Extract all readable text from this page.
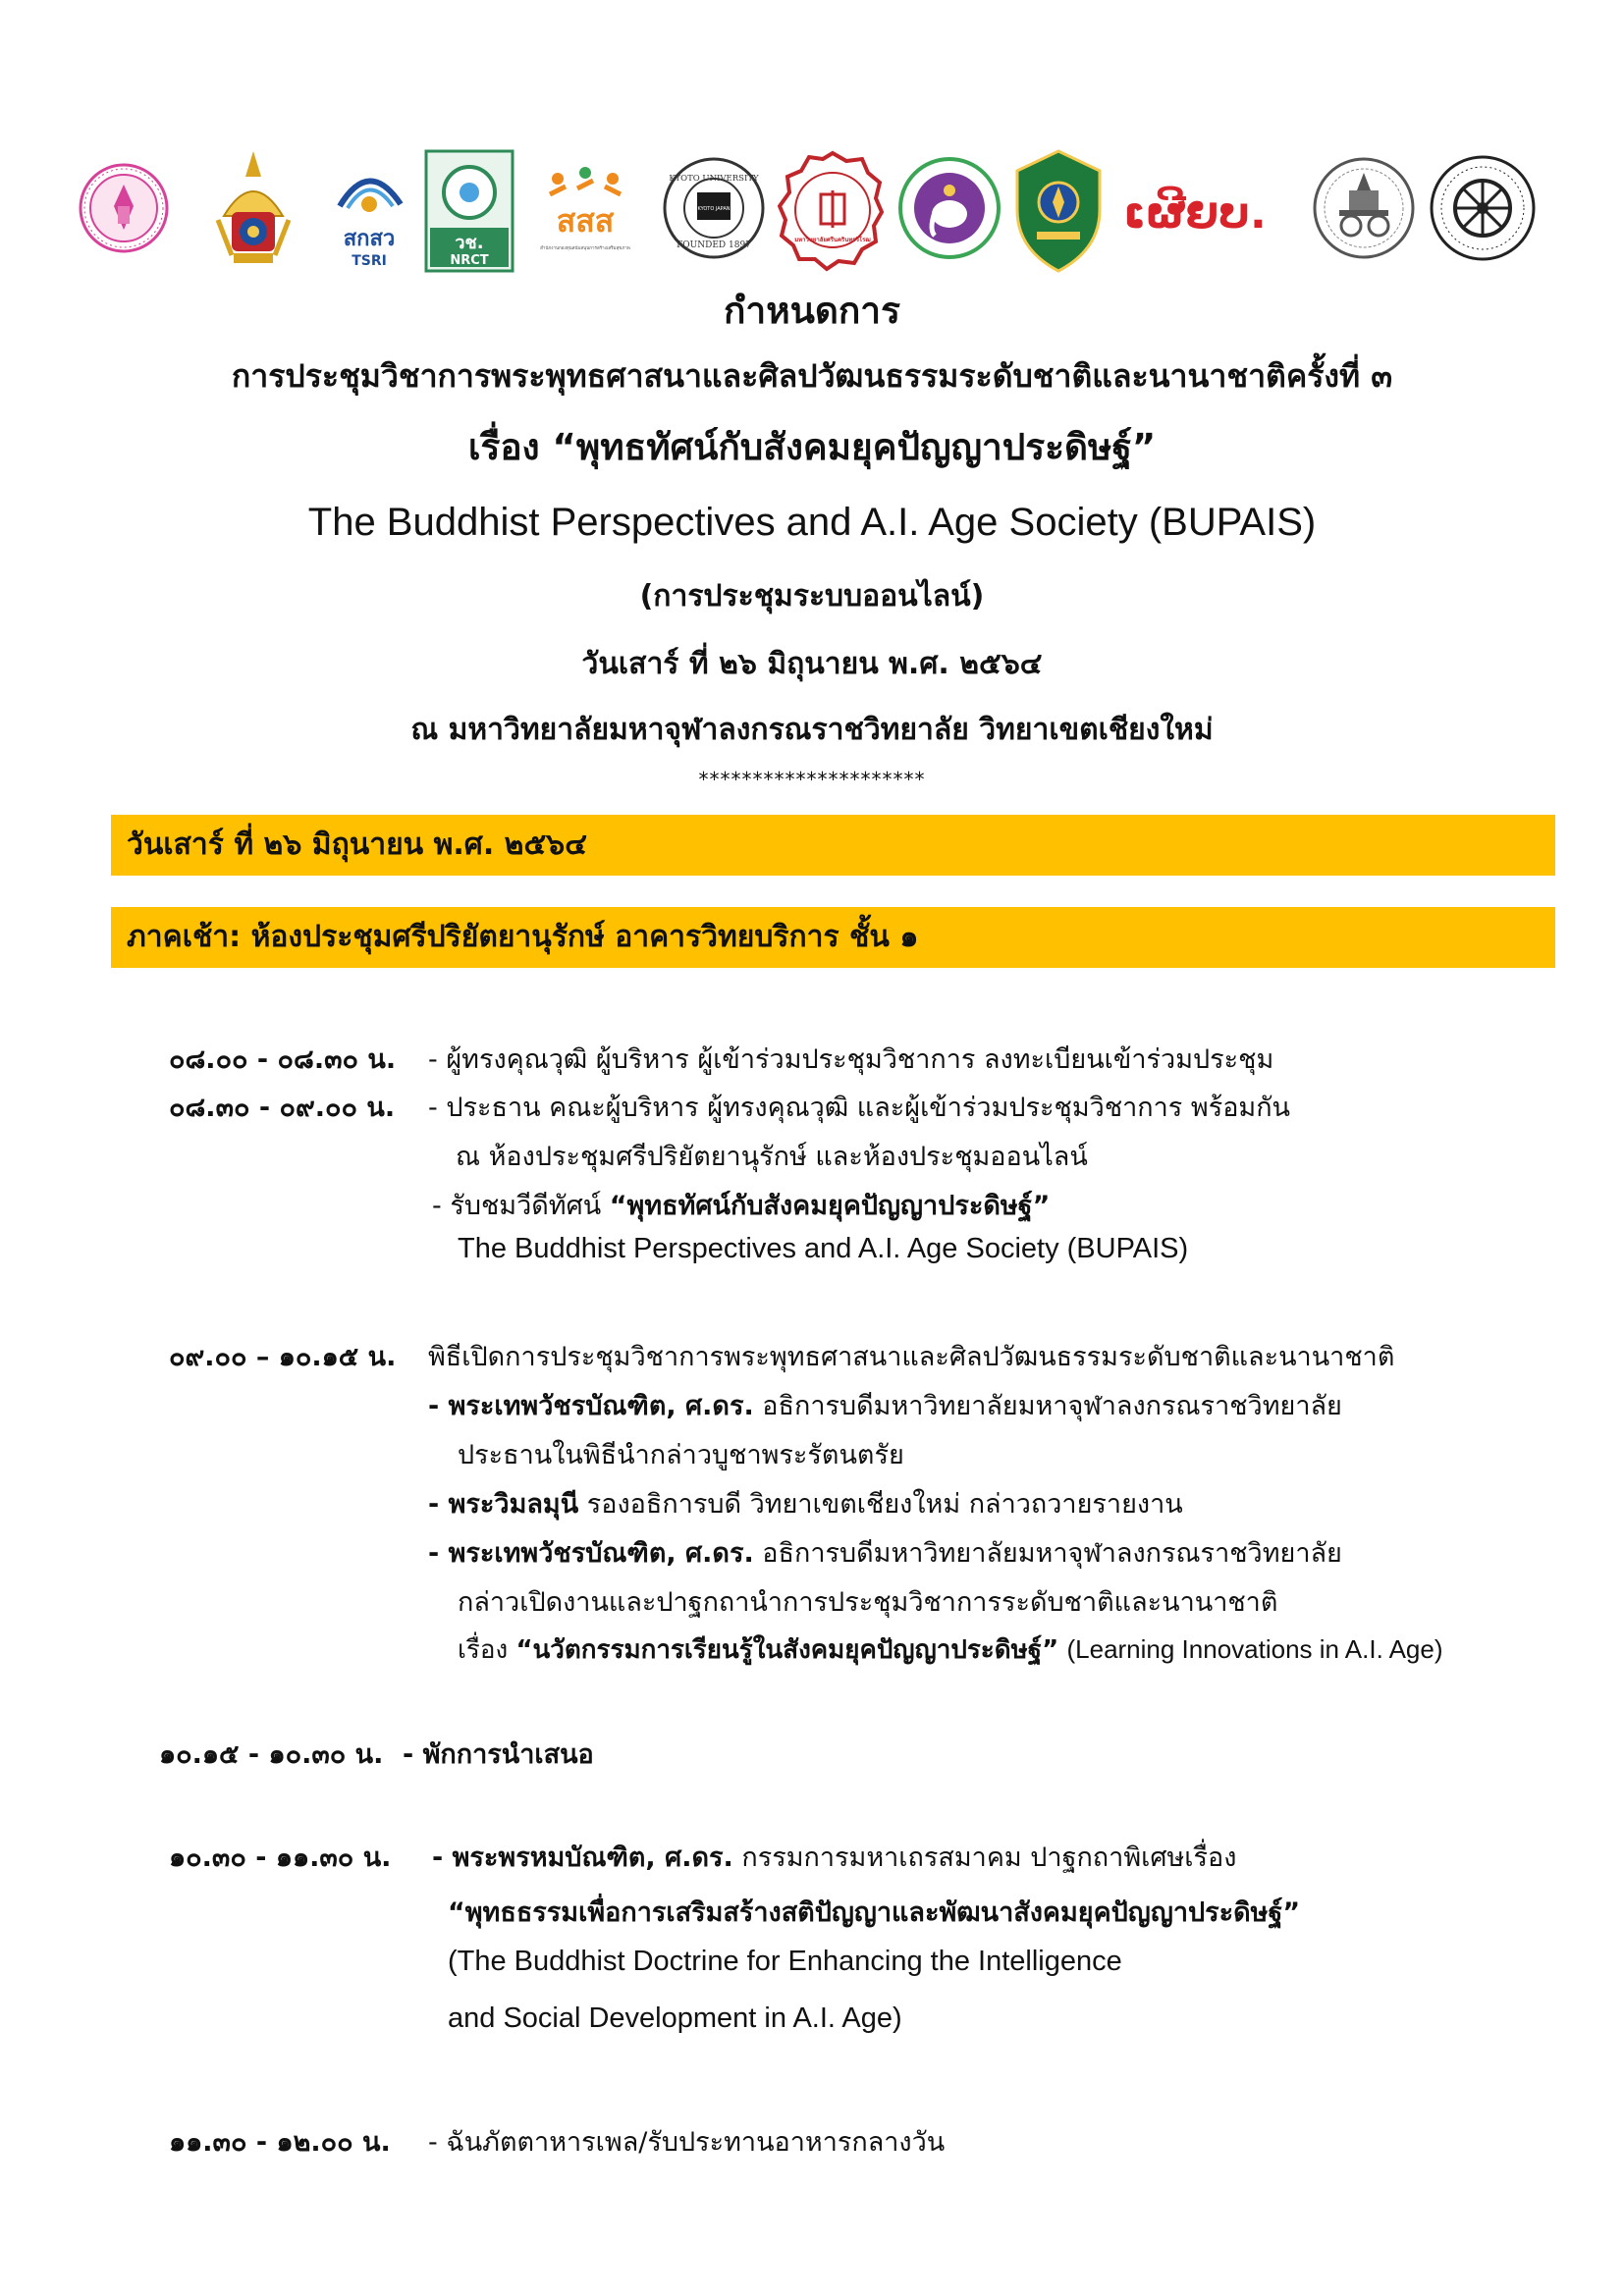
สกสว
TSRI
วช.
NRCT
สสส
สำนักงานกองทุนสนับสนุนการสร้างเสริมสุขภาพ
KYOTO UNIVERSITY
KYOTO JAPAN
FOUNDED 1897
มหาวิทยาลัยศรีนครินทรวิโรฒ
ເຜີຍບ.
กำหนดการ
การประชุมวิชาการพระพุทธศาสนาและศิลปวัฒนธรรมระดับชาติและนานาชาติครั้งที่ ๓
เรื่อง “พุทธทัศน์กับสังคมยุคปัญญาประดิษฐ์”
The Buddhist Perspectives and A.I. Age Society (BUPAIS)
(การประชุมระบบออนไลน์)
วันเสาร์ ที่ ๒๖ มิถุนายน พ.ศ. ๒๕๖๔
ณ มหาวิทยาลัยมหาจุฬาลงกรณราชวิทยาลัย วิทยาเขตเชียงใหม่
*********************
วันเสาร์ ที่ ๒๖ มิถุนายน พ.ศ. ๒๕๖๔
ภาคเช้า: ห้องประชุมศรีปริยัตยานุรักษ์ อาคารวิทยบริการ ชั้น ๑
๐๘.๐๐ - ๐๘.๓๐ น. - ผู้ทรงคุณวุฒิ ผู้บริหาร ผู้เข้าร่วมประชุมวิชาการ ลงทะเบียนเข้าร่วมประชุม
๐๘.๓๐ - ๐๙.๐๐ น. - ประธาน คณะผู้บริหาร ผู้ทรงคุณวุฒิ และผู้เข้าร่วมประชุมวิชาการ พร้อมกัน
ณ ห้องประชุมศรีปริยัตยานุรักษ์ และห้องประชุมออนไลน์
- รับชมวีดีทัศน์ “พุทธทัศน์กับสังคมยุคปัญญาประดิษฐ์”
The Buddhist Perspectives and A.I. Age Society (BUPAIS)
๐๙.๐๐ – ๑๐.๑๕ น. พิธีเปิดการประชุมวิชาการพระพุทธศาสนาและศิลปวัฒนธรรมระดับชาติและนานาชาติ
- พระเทพวัชรบัณฑิต, ศ.ดร. อธิการบดีมหาวิทยาลัยมหาจุฬาลงกรณราชวิทยาลัย
ประธานในพิธีนำกล่าวบูชาพระรัตนตรัย
- พระวิมลมุนี รองอธิการบดี วิทยาเขตเชียงใหม่ กล่าวถวายรายงาน
- พระเทพวัชรบัณฑิต, ศ.ดร. อธิการบดีมหาวิทยาลัยมหาจุฬาลงกรณราชวิทยาลัย
กล่าวเปิดงานและปาฐกถานำการประชุมวิชาการระดับชาติและนานาชาติ
เรื่อง “นวัตกรรมการเรียนรู้ในสังคมยุคปัญญาประดิษฐ์” (Learning Innovations in A.I. Age)
๑๐.๑๕ - ๑๐.๓๐ น. - พักการนำเสนอ
๑๐.๓๐ - ๑๑.๓๐ น. - พระพรหมบัณฑิต, ศ.ดร. กรรมการมหาเถรสมาคม ปาฐกถาพิเศษเรื่อง
“พุทธธรรมเพื่อการเสริมสร้างสติปัญญาและพัฒนาสังคมยุคปัญญาประดิษฐ์”
(The Buddhist Doctrine for Enhancing the Intelligence
and Social Development in A.I. Age)
๑๑.๓๐ - ๑๒.๐๐ น. - ฉันภัตตาหารเพล/รับประทานอาหารกลางวัน
